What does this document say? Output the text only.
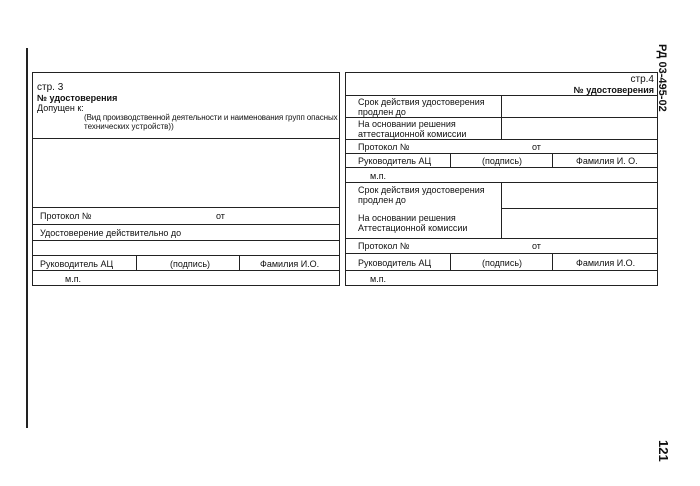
стр. 3
№ удостоверения
Допущен к:
(Вид производственной деятельности и наименования групп опасных
технических устройств))
Протокол №	от
Удостоверение действительно до
Руководитель АЦ	(подпись)	Фамилия И.О.
м.п.
стр.4
№ удостоверения
Срок действия удостоверения
продлен до
На основании решения
аттестационной комиссии
Протокол №	от
Руководитель АЦ	(подпись)	Фамилия И. О.
м.п.
Срок действия удостоверения
продлен до
На основании решения
Аттестационной комиссии
Протокол №	от
Руководитель АЦ	(подпись)	Фамилия И.О.
м.п.
РД 03-495-02
121
